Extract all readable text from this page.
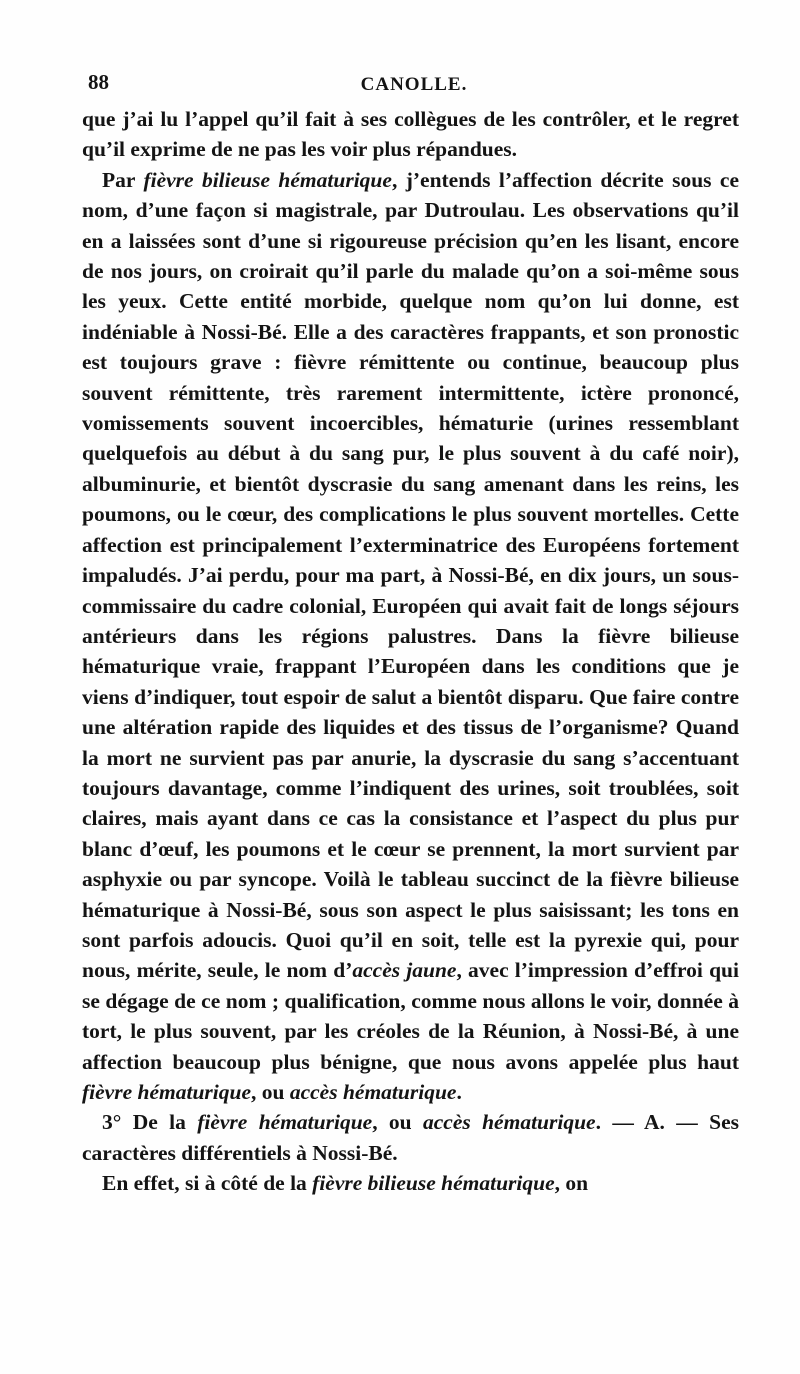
88	CANOLLE.

que j’ai lu l’appel qu’il fait à ses collègues de les contrôler, et le regret qu’il exprime de ne pas les voir plus répandues.

Par fièvre bilieuse hématurique, j’entends l’affection décrite sous ce nom, d’une façon si magistrale, par Dutroulau. Les observations qu’il en a laissées sont d’une si rigoureuse précision qu’en les lisant, encore de nos jours, on croirait qu’il parle du malade qu’on a soi-même sous les yeux. Cette entité morbide, quelque nom qu’on lui donne, est indéniable à Nossi-Bé. Elle a des caractères frappants, et son pronostic est toujours grave : fièvre rémittente ou continue, beaucoup plus souvent rémittente, très rarement intermittente, ictère prononcé, vomissements souvent incoercibles, hématurie (urines ressemblant quelquefois au début à du sang pur, le plus souvent à du café noir), albuminurie, et bientôt dyscrasie du sang amenant dans les reins, les poumons, ou le cœur, des complications le plus souvent mortelles. Cette affection est principalement l’exterminatrice des Européens fortement impaludés. J’ai perdu, pour ma part, à Nossi-Bé, en dix jours, un sous-commissaire du cadre colonial, Européen qui avait fait de longs séjours antérieurs dans les régions palustres. Dans la fièvre bilieuse hématurique vraie, frappant l’Européen dans les conditions que je viens d’indiquer, tout espoir de salut a bientôt disparu. Que faire contre une altération rapide des liquides et des tissus de l’organisme? Quand la mort ne survient pas par anurie, la dyscrasie du sang s’accentuant toujours davantage, comme l’indiquent des urines, soit troublées, soit claires, mais ayant dans ce cas la consistance et l’aspect du plus pur blanc d’œuf, les poumons et le cœur se prennent, la mort survient par asphyxie ou par syncope. Voilà le tableau succinct de la fièvre bilieuse hématurique à Nossi-Bé, sous son aspect le plus saisissant; les tons en sont parfois adoucis. Quoi qu’il en soit, telle est la pyrexie qui, pour nous, mérite, seule, le nom d’accès jaune, avec l’impression d’effroi qui se dégage de ce nom ; qualification, comme nous allons le voir, donnée à tort, le plus souvent, par les créoles de la Réunion, à Nossi-Bé, à une affection beaucoup plus bénigne, que nous avons appelée plus haut fièvre hématurique, ou accès hématurique.

3° De la fièvre hématurique, ou accès hématurique. — A. — Ses caractères différentiels à Nossi-Bé.

En effet, si à côté de la fièvre bilieuse hématurique, on
